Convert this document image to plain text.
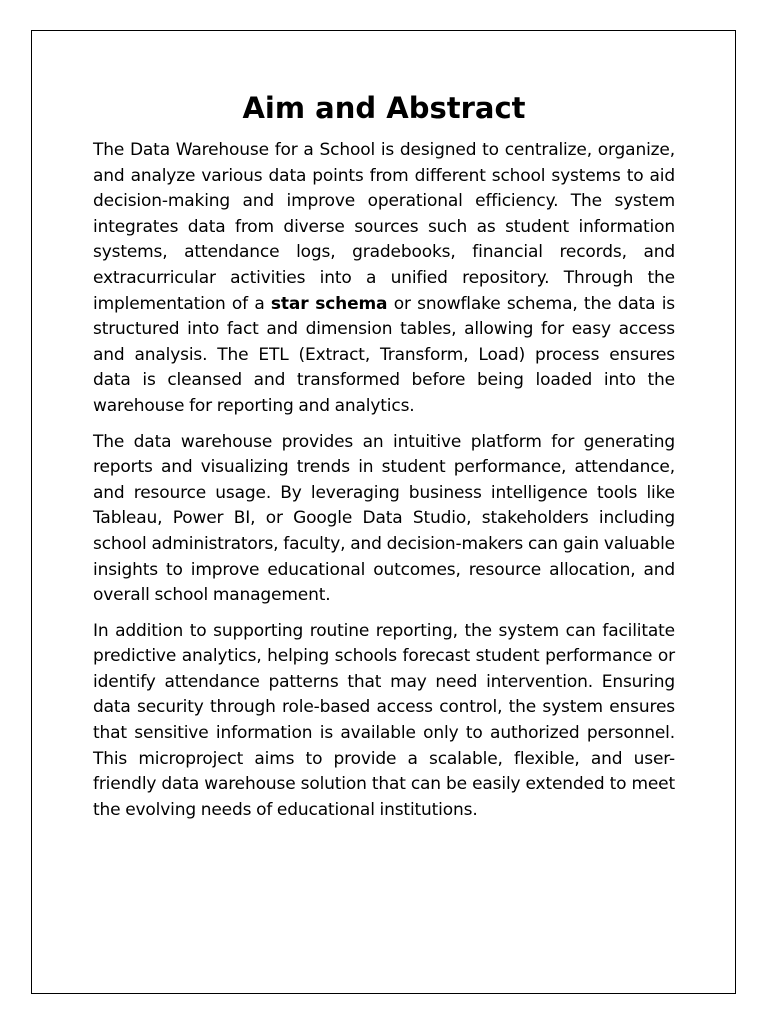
Aim and Abstract

The Data Warehouse for a School is designed to centralize, organize, and analyze various data points from different school systems to aid decision-making and improve operational efficiency. The system integrates data from diverse sources such as student information systems, attendance logs, gradebooks, financial records, and extracurricular activities into a unified repository. Through the implementation of a star schema or snowflake schema, the data is structured into fact and dimension tables, allowing for easy access and analysis. The ETL (Extract, Transform, Load) process ensures data is cleansed and transformed before being loaded into the warehouse for reporting and analytics.

The data warehouse provides an intuitive platform for generating reports and visualizing trends in student performance, attendance, and resource usage. By leveraging business intelligence tools like Tableau, Power BI, or Google Data Studio, stakeholders including school administrators, faculty, and decision-makers can gain valuable insights to improve educational outcomes, resource allocation, and overall school management.

In addition to supporting routine reporting, the system can facilitate predictive analytics, helping schools forecast student performance or identify attendance patterns that may need intervention. Ensuring data security through role-based access control, the system ensures that sensitive information is available only to authorized personnel. This microproject aims to provide a scalable, flexible, and user-friendly data warehouse solution that can be easily extended to meet the evolving needs of educational institutions.
